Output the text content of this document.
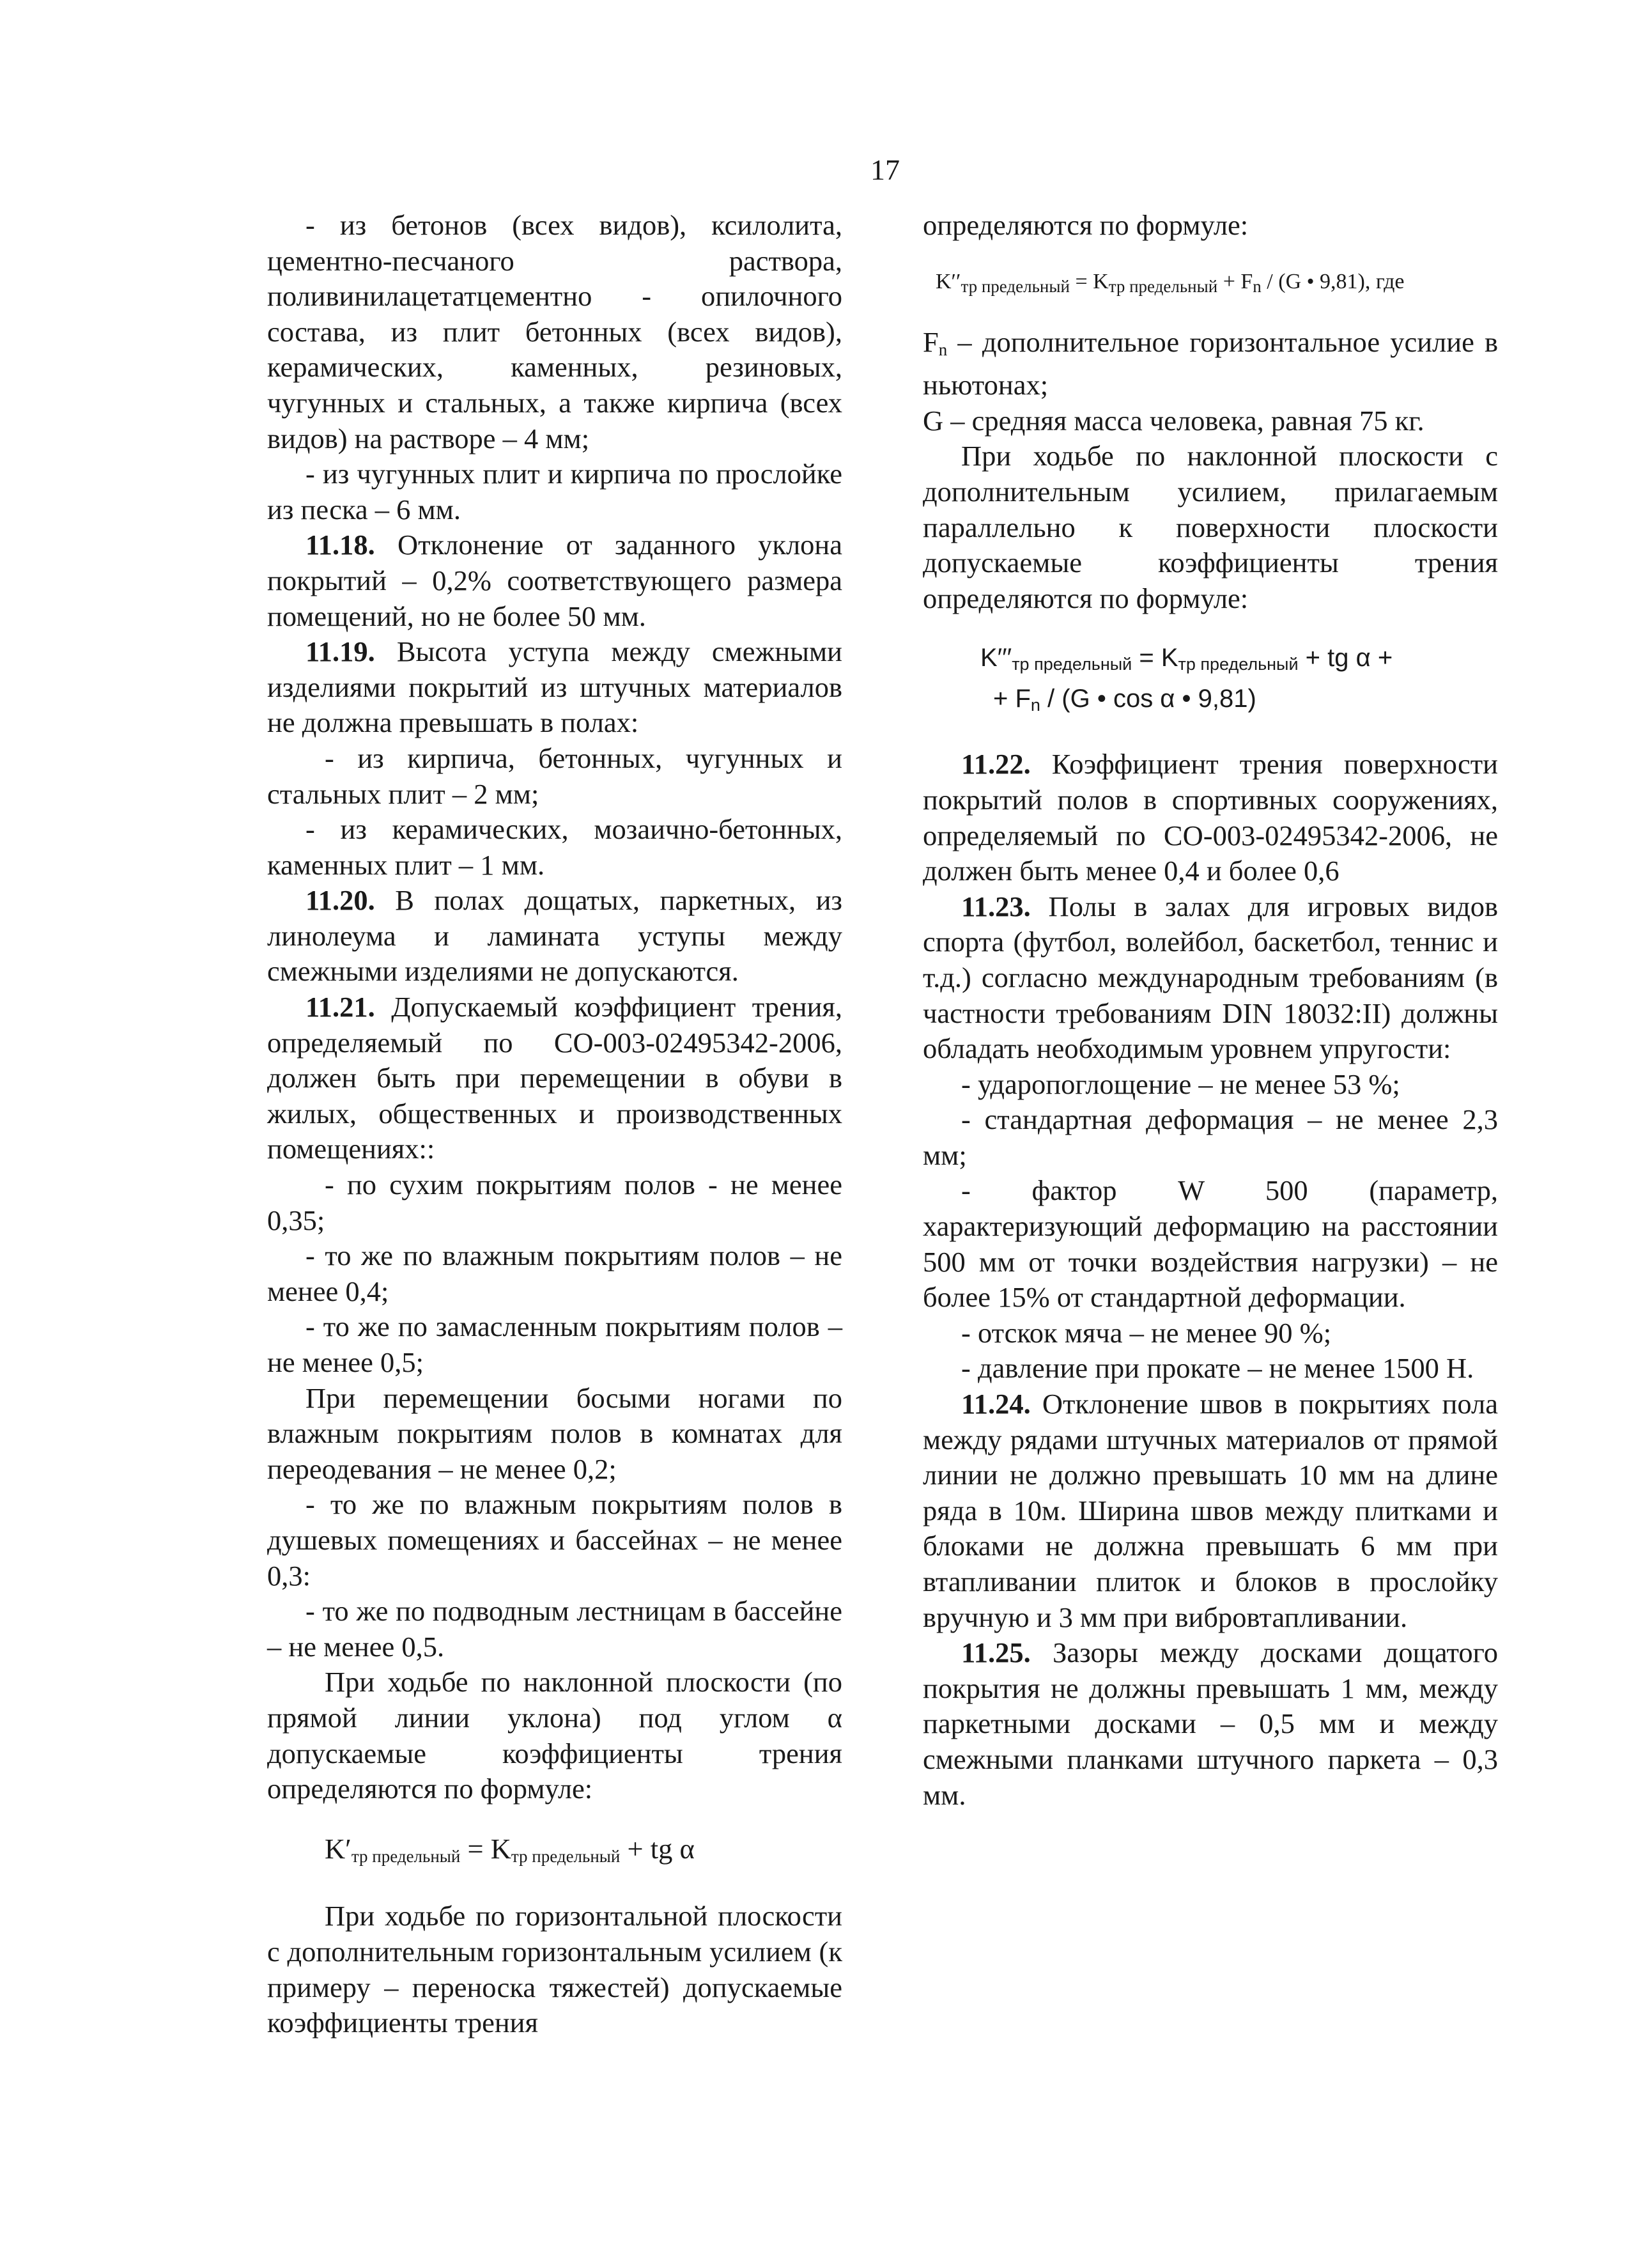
17

- из бетонов (всех видов), ксилолита, цементно-песчаного раствора, поливинилацетатцементно - опилочного состава, из плит бетонных (всех видов), керамических, каменных, резиновых, чугунных и стальных, а также кирпича (всех видов) на растворе – 4 мм;

- из чугунных плит и кирпича по прослойке из песка – 6 мм.

11.18. Отклонение от заданного уклона покрытий – 0,2% соответствующего размера помещений, но не более 50 мм.

11.19. Высота уступа между смежными изделиями покрытий из штучных материалов не должна превышать в полах:

- из кирпича, бетонных, чугунных и стальных плит – 2 мм;

- из керамических, мозаично-бетонных, каменных плит – 1 мм.

11.20. В полах дощатых, паркетных, из линолеума и ламината уступы между смежными изделиями не допускаются.

11.21. Допускаемый коэффициент трения, определяемый по СО-003-02495342-2006, должен быть при перемещении в обуви в жилых, общественных и производственных помещениях::

- по сухим покрытиям полов - не менее 0,35;

- то же по влажным покрытиям полов – не менее 0,4;

- то же по замасленным покрытиям полов – не менее 0,5;

При перемещении босыми ногами по влажным покрытиям полов в комнатах для переодевания – не менее 0,2;

- то же по влажным покрытиям полов в душевых помещениях и бассейнах – не менее 0,3:

- то же по подводным лестницам в бассейне – не менее 0,5.

При ходьбе по наклонной плоскости (по прямой линии уклона) под углом α допускаемые коэффициенты трения определяются по формуле:

$K'_{тр предельный} = K_{тр предельный}$ + tg α

При ходьбе по горизонтальной плоскости с дополнительным горизонтальным усилием (к примеру – переноска тяжестей) допускаемые коэффициенты трения

определяются по формуле:

$K''_{тр предельный} = K_{тр предельный} + F_n / (G$ • 9,81), где

$F_n$ – дополнительное горизонтальное усилие в ньютонах;

G – средняя масса человека, равная 75 кг.

При ходьбе по наклонной плоскости с дополнительным усилием, прилагаемым параллельно к поверхности плоскости допускаемые коэффициенты трения определяются по формуле:

$K'''_{тр предельный} = K_{тр предельный}$ + tg α +
+ $F_n / (G$ • cos α • 9,81)

11.22. Коэффициент трения поверхности покрытий полов в спортивных сооружениях, определяемый по СО-003-02495342-2006, не должен быть менее 0,4 и более 0,6

11.23. Полы в залах для игровых видов спорта (футбол, волейбол, баскетбол, теннис и т.д.) согласно международным требованиям (в частности требованиям DIN 18032:II) должны обладать необходимым уровнем упругости:

- ударопоглощение – не менее 53 %;

- стандартная деформация – не менее 2,3 мм;

- фактор W 500 (параметр, характеризующий деформацию на расстоянии 500 мм от точки воздействия нагрузки) – не более 15% от стандартной деформации.

- отскок мяча – не менее 90 %;

- давление при прокате – не менее 1500 Н.

11.24. Отклонение швов в покрытиях пола между рядами штучных материалов от прямой линии не должно превышать 10 мм на длине ряда в 10м. Ширина швов между плитками и блоками не должна превышать 6 мм при втапливании плиток и блоков в прослойку вручную и 3 мм при вибровтапливании.

11.25. Зазоры между досками дощатого покрытия не должны превышать 1 мм, между паркетными досками – 0,5 мм и между смежными планками штучного паркета – 0,3 мм.
